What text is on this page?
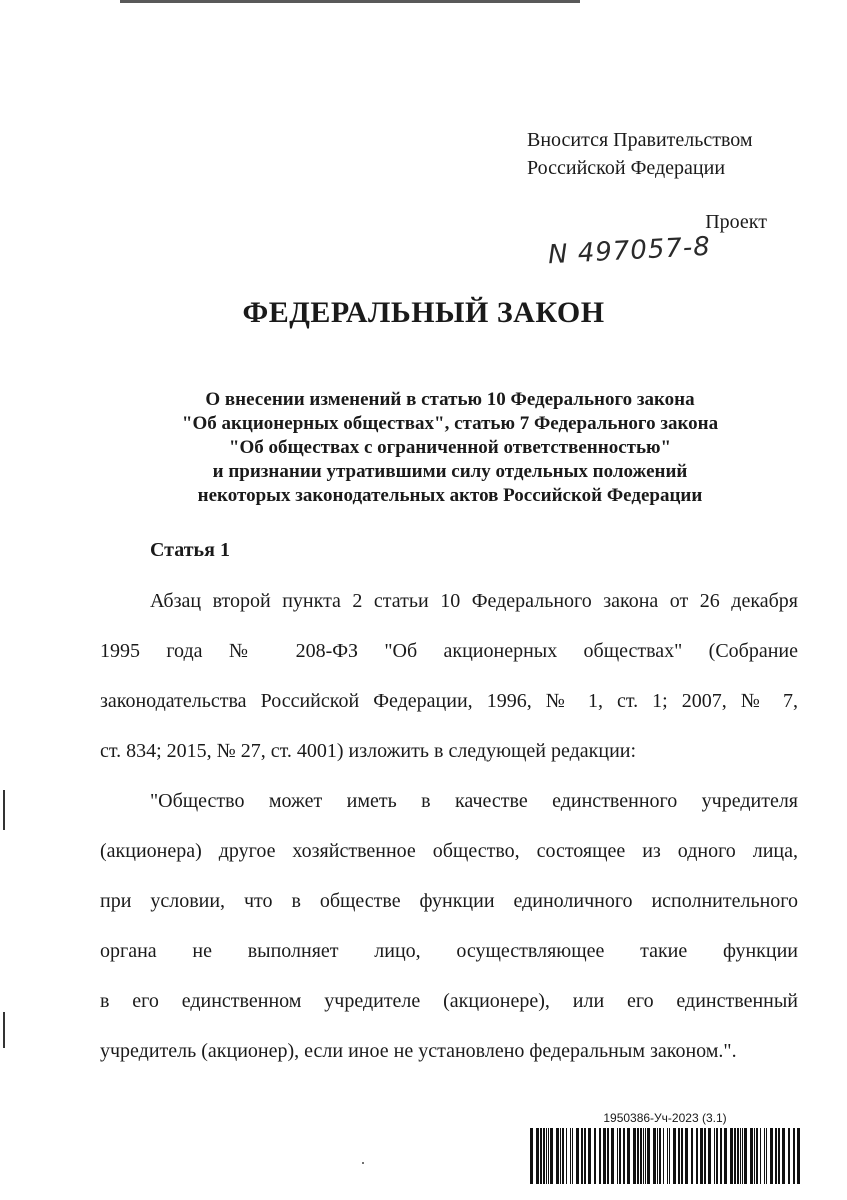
Вносится Правительством
Российской Федерации
Проект
N 497057-8
ФЕДЕРАЛЬНЫЙ ЗАКОН
О внесении изменений в статью 10 Федерального закона
"Об акционерных обществах", статью 7 Федерального закона
"Об обществах с ограниченной ответственностью"
и признании утратившими силу отдельных положений
некоторых законодательных актов Российской Федерации
Статья 1
Абзац второй пункта 2 статьи 10 Федерального закона от 26 декабря
1995 года № 208-ФЗ "Об акционерных обществах" (Собрание
законодательства Российской Федерации, 1996, № 1, ст. 1; 2007, № 7,
ст. 834; 2015, № 27, ст. 4001) изложить в следующей редакции:
"Общество может иметь в качестве единственного учредителя
(акционера) другое хозяйственное общество, состоящее из одного лица,
при условии, что в обществе функции единоличного исполнительного
органа не выполняет лицо, осуществляющее такие функции
в его единственном учредителе (акционере), или его единственный
учредитель (акционер), если иное не установлено федеральным законом.".
1950386-Уч-2023 (3.1)
